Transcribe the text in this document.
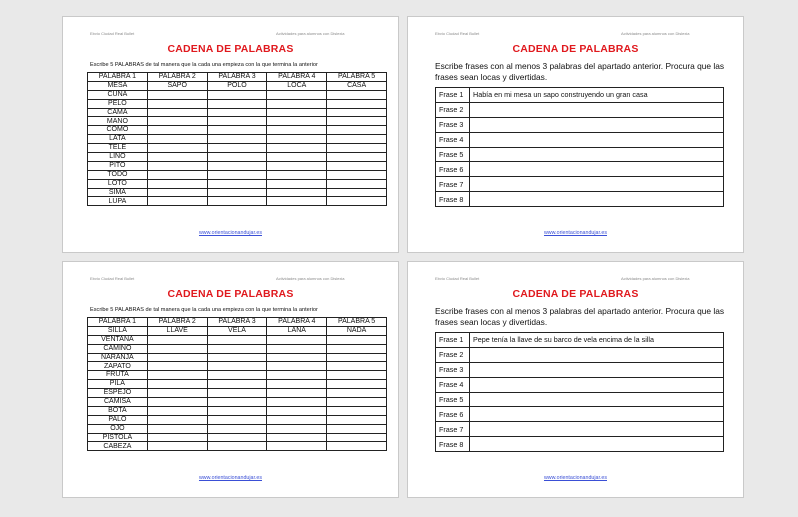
Ebvio Ciudad Real Bullet	Actividades para alumnos con Dislexia
CADENA DE PALABRAS
Escribe 5 PALABRAS de tal manera que la cada una empieza con la que termina la anterior
PALABRA 1	PALABRA 2	PALABRA 3	PALABRA 4	PALABRA 5
MESA	SAPO	POLO	LOCA	CASA
CUNA				
PELO				
CAMA				
MANO				
COMO				
LATA				
TELE				
LINO				
PITO				
TODO				
LOTO				
SIMA				
LUPA				
www.orientacionandujar.es
Ebvio Ciudad Real Bullet	Actividades para alumnos con Dislexia
CADENA DE PALABRAS
Escribe frases con al menos 3 palabras del apartado anterior. Procura que las frases sean locas y divertidas.
Frase 1	Había en mi mesa un sapo construyendo un gran casa
Frase 2	
Frase 3	
Frase 4	
Frase 5	
Frase 6	
Frase 7	
Frase 8	
www.orientacionandujar.es
Ebvio Ciudad Real Bullet	Actividades para alumnos con Dislexia
CADENA DE PALABRAS
Escribe 5 PALABRAS de tal manera que la cada una empieza con la que termina la anterior
PALABRA 1	PALABRA 2	PALABRA 3	PALABRA 4	PALABRA 5
SILLA	LLAVE	VELA	LANA	NADA
VENTANA				
CAMINO				
NARANJA				
ZAPATO				
FRUTA				
PILA				
ESPEJO				
CAMISA				
BOTA				
PALO				
OJO				
PISTOLA				
CABEZA				
www.orientacionandujar.es
Ebvio Ciudad Real Bullet	Actividades para alumnos con Dislexia
CADENA DE PALABRAS
Escribe frases con al menos 3 palabras del apartado anterior. Procura que las frases sean locas y divertidas.
Frase 1	Pepe tenía la llave de su barco de vela encima de la silla
Frase 2	
Frase 3	
Frase 4	
Frase 5	
Frase 6	
Frase 7	
Frase 8	
www.orientacionandujar.es
